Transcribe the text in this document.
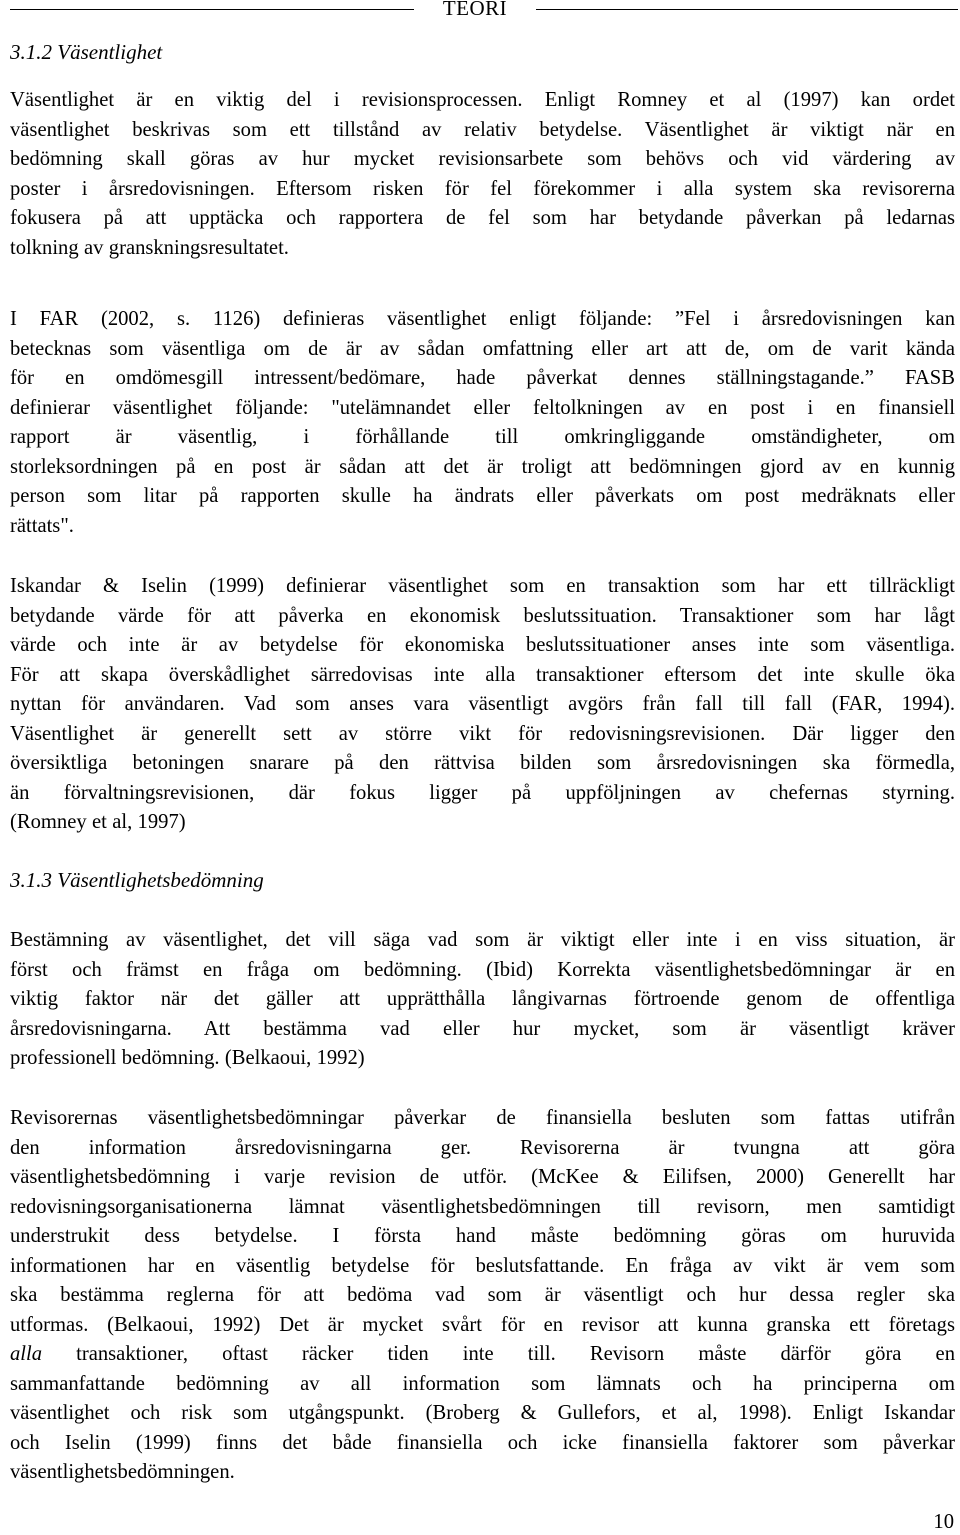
TEORI
3.1.2 Väsentlighet

Väsentlighet är en viktig del i revisionsprocessen. Enligt Romney et al (1997) kan ordet
väsentlighet beskrivas som ett tillstånd av relativ betydelse. Väsentlighet är viktigt när en
bedömning skall göras av hur mycket revisionsarbete som behövs och vid värdering av
poster i årsredovisningen. Eftersom risken för fel förekommer i alla system ska revisorerna
fokusera på att upptäcka och rapportera de fel som har betydande påverkan på ledarnas
tolkning av granskningsresultatet.

I FAR (2002, s. 1126) definieras väsentlighet enligt följande: ”Fel i årsredovisningen kan
betecknas som väsentliga om de är av sådan omfattning eller art att de, om de varit kända
för en omdömesgill intressent/bedömare, hade påverkat dennes ställningstagande.” FASB
definierar väsentlighet följande: "utelämnandet eller feltolkningen av en post i en finansiell
rapport är väsentlig, i förhållande till omkringliggande omständigheter, om
storleksordningen på en post är sådan att det är troligt att bedömningen gjord av en kunnig
person som litar på rapporten skulle ha ändrats eller påverkats om post medräknats eller
rättats".

Iskandar & Iselin (1999) definierar väsentlighet som en transaktion som har ett tillräckligt
betydande värde för att påverka en ekonomisk beslutssituation. Transaktioner som har lågt
värde och inte är av betydelse för ekonomiska beslutssituationer anses inte som väsentliga.
För att skapa överskådlighet särredovisas inte alla transaktioner eftersom det inte skulle öka
nyttan för användaren. Vad som anses vara väsentligt avgörs från fall till fall (FAR, 1994).
Väsentlighet är generellt sett av större vikt för redovisningsrevisionen. Där ligger den
översiktliga betoningen snarare på den rättvisa bilden som årsredovisningen ska förmedla,
än förvaltningsrevisionen, där fokus ligger på uppföljningen av chefernas styrning.
(Romney et al, 1997)

3.1.3 Väsentlighetsbedömning

Bestämning av väsentlighet, det vill säga vad som är viktigt eller inte i en viss situation, är
först och främst en fråga om bedömning. (Ibid) Korrekta väsentlighetsbedömningar är en
viktig faktor när det gäller att upprätthålla långivarnas förtroende genom de offentliga
årsredovisningarna. Att bestämma vad eller hur mycket, som är väsentligt kräver
professionell bedömning. (Belkaoui, 1992)

Revisorernas väsentlighetsbedömningar påverkar de finansiella besluten som fattas utifrån
den information årsredovisningarna ger. Revisorerna är tvungna att göra
väsentlighetsbedömning i varje revision de utför. (McKee & Eilifsen, 2000) Generellt har
redovisningsorganisationerna lämnat väsentlighetsbedömningen till revisorn, men samtidigt
understrukit dess betydelse. I första hand måste bedömning göras om huruvida
informationen har en väsentlig betydelse för beslutsfattande. En fråga av vikt är vem som
ska bestämma reglerna för att bedöma vad som är väsentligt och hur dessa regler ska
utformas. (Belkaoui, 1992) Det är mycket svårt för en revisor att kunna granska ett företags
alla transaktioner, oftast räcker tiden inte till. Revisorn måste därför göra en
sammanfattande bedömning av all information som lämnats och ha principerna om
väsentlighet och risk som utgångspunkt. (Broberg & Gullefors, et al, 1998). Enligt Iskandar
och Iselin (1999) finns det både finansiella och icke finansiella faktorer som påverkar
väsentlighetsbedömningen.

10
